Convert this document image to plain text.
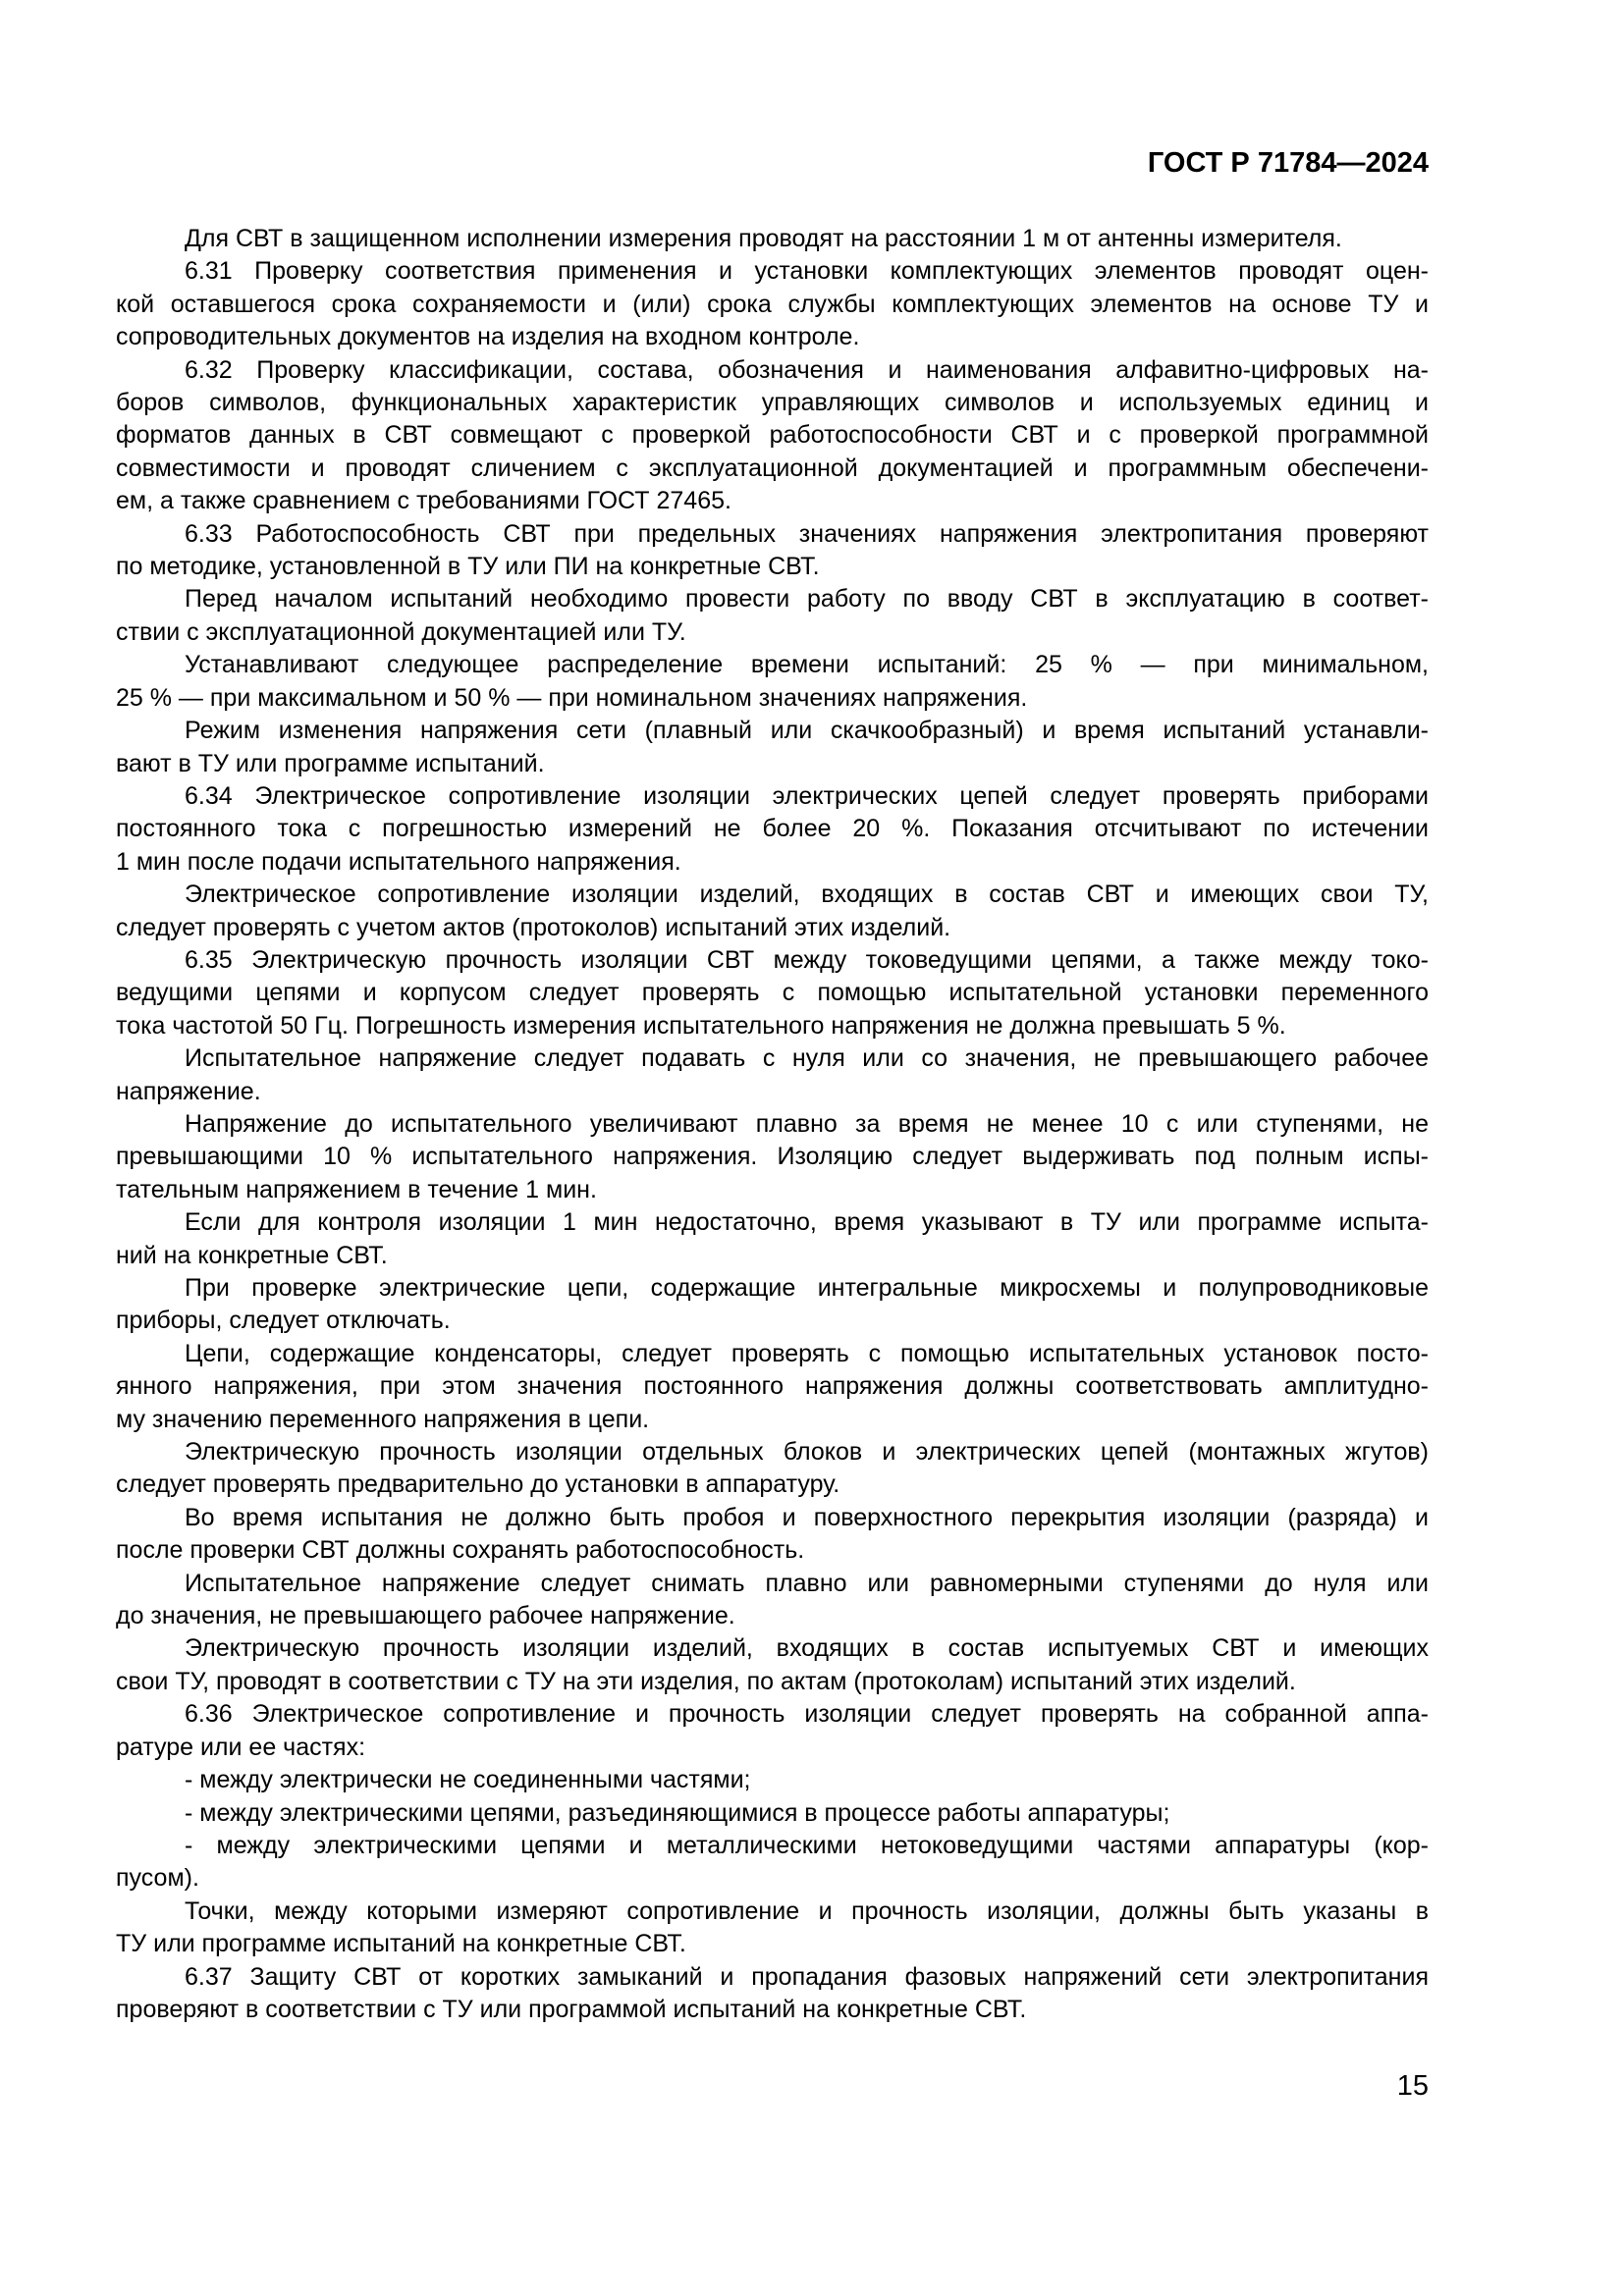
ГОСТ Р 71784—2024
Для СВТ в защищенном исполнении измерения проводят на расстоянии 1 м от антенны измерителя.
6.31 Проверку соответствия применения и установки комплектующих элементов проводят оцен-
кой оставшегося срока сохраняемости и (или) срока службы комплектующих элементов на основе ТУ и
сопроводительных документов на изделия на входном контроле.
6.32 Проверку классификации, состава, обозначения и наименования алфавитно-цифровых на-
боров символов, функциональных характеристик управляющих символов и используемых единиц и
форматов данных в СВТ совмещают с проверкой работоспособности СВТ и с проверкой программной
совместимости и проводят сличением с эксплуатационной документацией и программным обеспечени-
ем, а также сравнением с требованиями ГОСТ 27465.
6.33 Работоспособность СВТ при предельных значениях напряжения электропитания проверяют
по методике, установленной в ТУ или ПИ на конкретные СВТ.
Перед началом испытаний необходимо провести работу по вводу СВТ в эксплуатацию в соответ-
ствии с эксплуатационной документацией или ТУ.
Устанавливают следующее распределение времени испытаний: 25 % — при минимальном,
25 % — при максимальном и 50 % — при номинальном значениях напряжения.
Режим изменения напряжения сети (плавный или скачкообразный) и время испытаний устанавли-
вают в ТУ или программе испытаний.
6.34 Электрическое сопротивление изоляции электрических цепей следует проверять приборами
постоянного тока с погрешностью измерений не более 20 %. Показания отсчитывают по истечении
1 мин после подачи испытательного напряжения.
Электрическое сопротивление изоляции изделий, входящих в состав СВТ и имеющих свои ТУ,
следует проверять с учетом актов (протоколов) испытаний этих изделий.
6.35 Электрическую прочность изоляции СВТ между токоведущими цепями, а также между токо-
ведущими цепями и корпусом следует проверять с помощью испытательной установки переменного
тока частотой 50 Гц. Погрешность измерения испытательного напряжения не должна превышать 5 %.
Испытательное напряжение следует подавать с нуля или со значения, не превышающего рабочее
напряжение.
Напряжение до испытательного увеличивают плавно за время не менее 10 с или ступенями, не
превышающими 10 % испытательного напряжения. Изоляцию следует выдерживать под полным испы-
тательным напряжением в течение 1 мин.
Если для контроля изоляции 1 мин недостаточно, время указывают в ТУ или программе испыта-
ний на конкретные СВТ.
При проверке электрические цепи, содержащие интегральные микросхемы и полупроводниковые
приборы, следует отключать.
Цепи, содержащие конденсаторы, следует проверять с помощью испытательных установок посто-
янного напряжения, при этом значения постоянного напряжения должны соответствовать амплитудно-
му значению переменного напряжения в цепи.
Электрическую прочность изоляции отдельных блоков и электрических цепей (монтажных жгутов)
следует проверять предварительно до установки в аппаратуру.
Во время испытания не должно быть пробоя и поверхностного перекрытия изоляции (разряда) и
после проверки СВТ должны сохранять работоспособность.
Испытательное напряжение следует снимать плавно или равномерными ступенями до нуля или
до значения, не превышающего рабочее напряжение.
Электрическую прочность изоляции изделий, входящих в состав испытуемых СВТ и имеющих
свои ТУ, проводят в соответствии с ТУ на эти изделия, по актам (протоколам) испытаний этих изделий.
6.36 Электрическое сопротивление и прочность изоляции следует проверять на собранной аппа-
ратуре или ее частях:
- между электрически не соединенными частями;
- между электрическими цепями, разъединяющимися в процессе работы аппаратуры;
- между электрическими цепями и металлическими нетоковедущими частями аппаратуры (кор-
пусом).
Точки, между которыми измеряют сопротивление и прочность изоляции, должны быть указаны в
ТУ или программе испытаний на конкретные СВТ.
6.37 Защиту СВТ от коротких замыканий и пропадания фазовых напряжений сети электропитания
проверяют в соответствии с ТУ или программой испытаний на конкретные СВТ.
15
